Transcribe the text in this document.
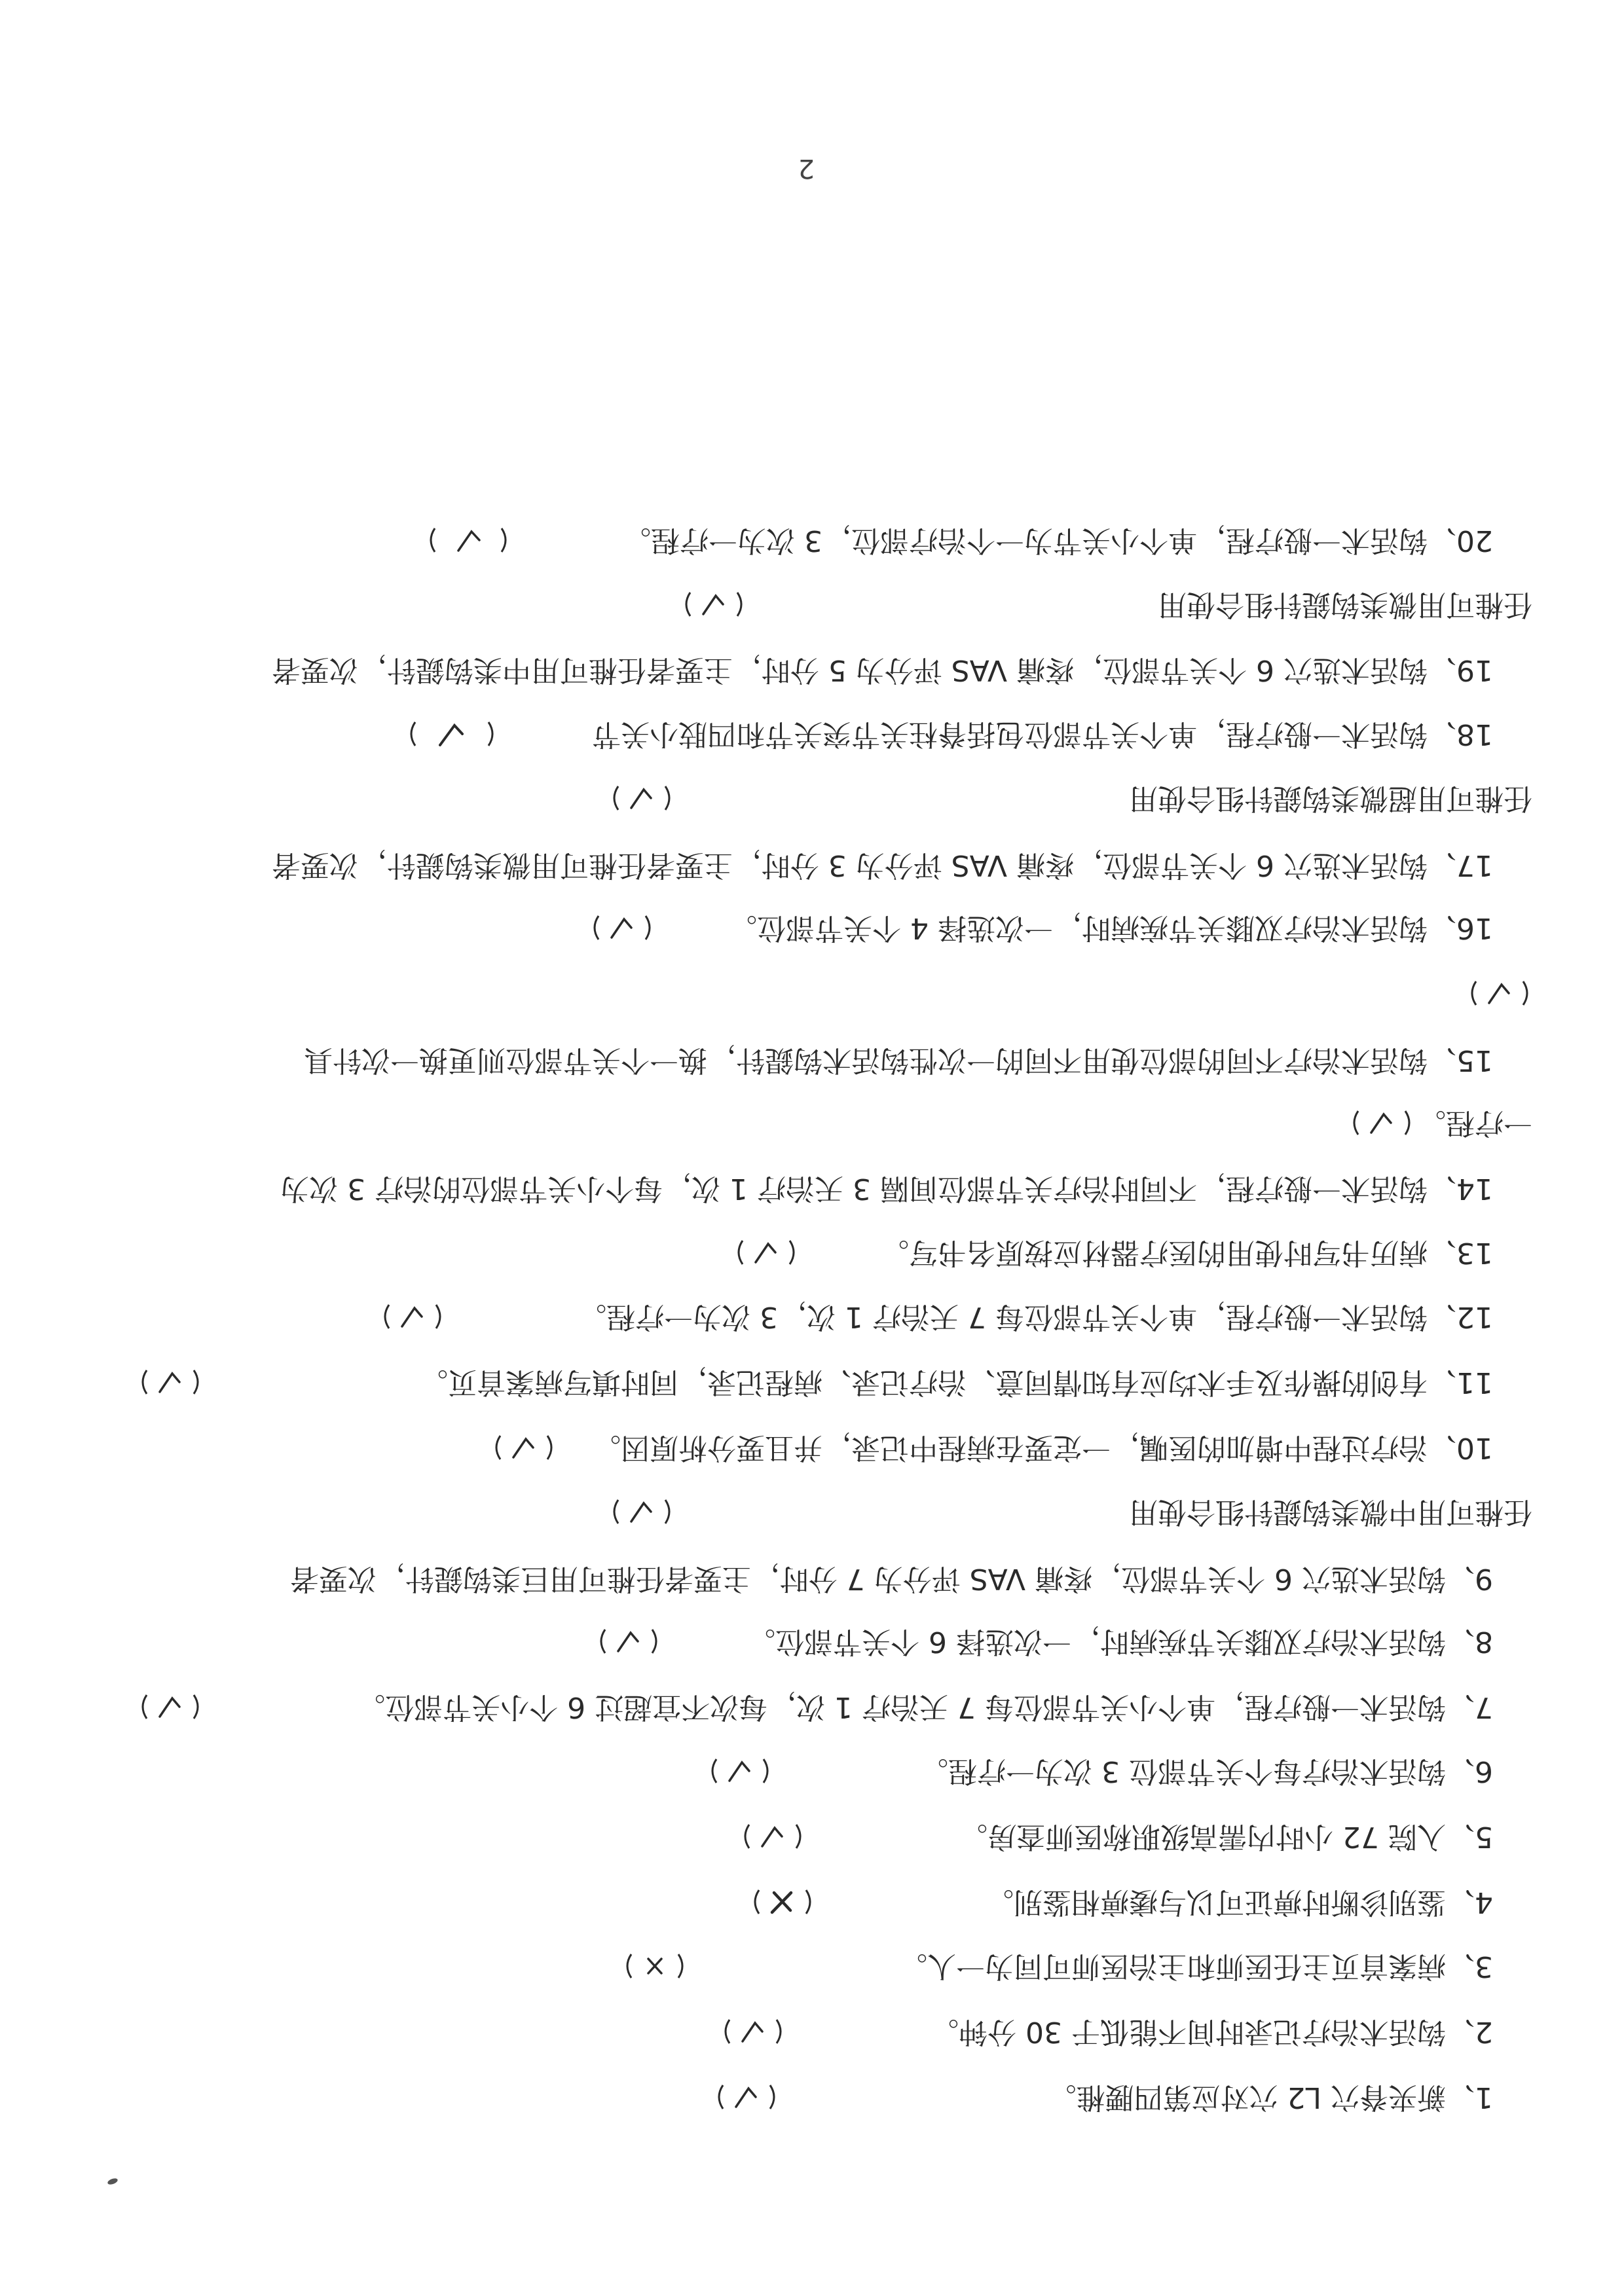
1、新夹脊穴 L2 穴对应第四腰椎。
2、钩活术治疗记录时间不能低于 30 分钟。
3、病案首页主任医师和主治医师可同为一人。
4、鉴别诊断时痹证可以与痿痹相鉴别。
5、入院 72 小时内需高级职称医师查房。
6、钩活术治疗每个关节部位 3 次为一疗程。
7、钩活术一般疗程，单个小关节部位每 7 天治疗 1 次，每次不宜超过 6 个小关节部位。
8、钩活术治疗双膝关节疾病时，一次选择 6 个关节部位。
9、钩活术选穴 6 个关节部位，疼痛 VAS 评分为 7 分时，主要者任椎可用巨类钩鍉针，次要者
任椎可用中微类钩鍉针组合使用
10、治疗过程中增加的医嘱，一定要在病程中记录，并且要分析原因。
11、有创的操作及手术均应有知情同意、治疗记录、病程记录，同时填写病案首页。
12、钩活术一般疗程，单个关节部位每 7 天治疗 1 次，3 次为一疗程。
13、病历书写时使用的医疗器材应按原名书写。
14、钩活术一般疗程，不同时治疗关节部位间隔 3 天治疗 1 次，每个小关节部位的治疗 3 次为
一疗程。
15、钩活术治疗不同的部位使用不同的一次性钩活术钩鍉针，换一个关节部位则更换一次针具
16、钩活术治疗双膝关节疾病时，一次选择 4 个关节部位。
17、钩活术选穴 6 个关节部位，疼痛 VAS 评分为 3 分时，主要者任椎可用微类钩鍉针，次要者
任椎可用超微类钩鍉针组合使用
18、钩活术一般疗程，单个关节部位包括脊柱关节突关节和四肢小关节
19、钩活术选穴 6 个关节部位，疼痛 VAS 评分为 5 分时，主要者任椎可用中类钩鍉针，次要者
任椎可用微类钩鍉针组合使用
20、钩活术一般疗程，单个小关节为一个治疗部位，3 次为一疗程。
2
